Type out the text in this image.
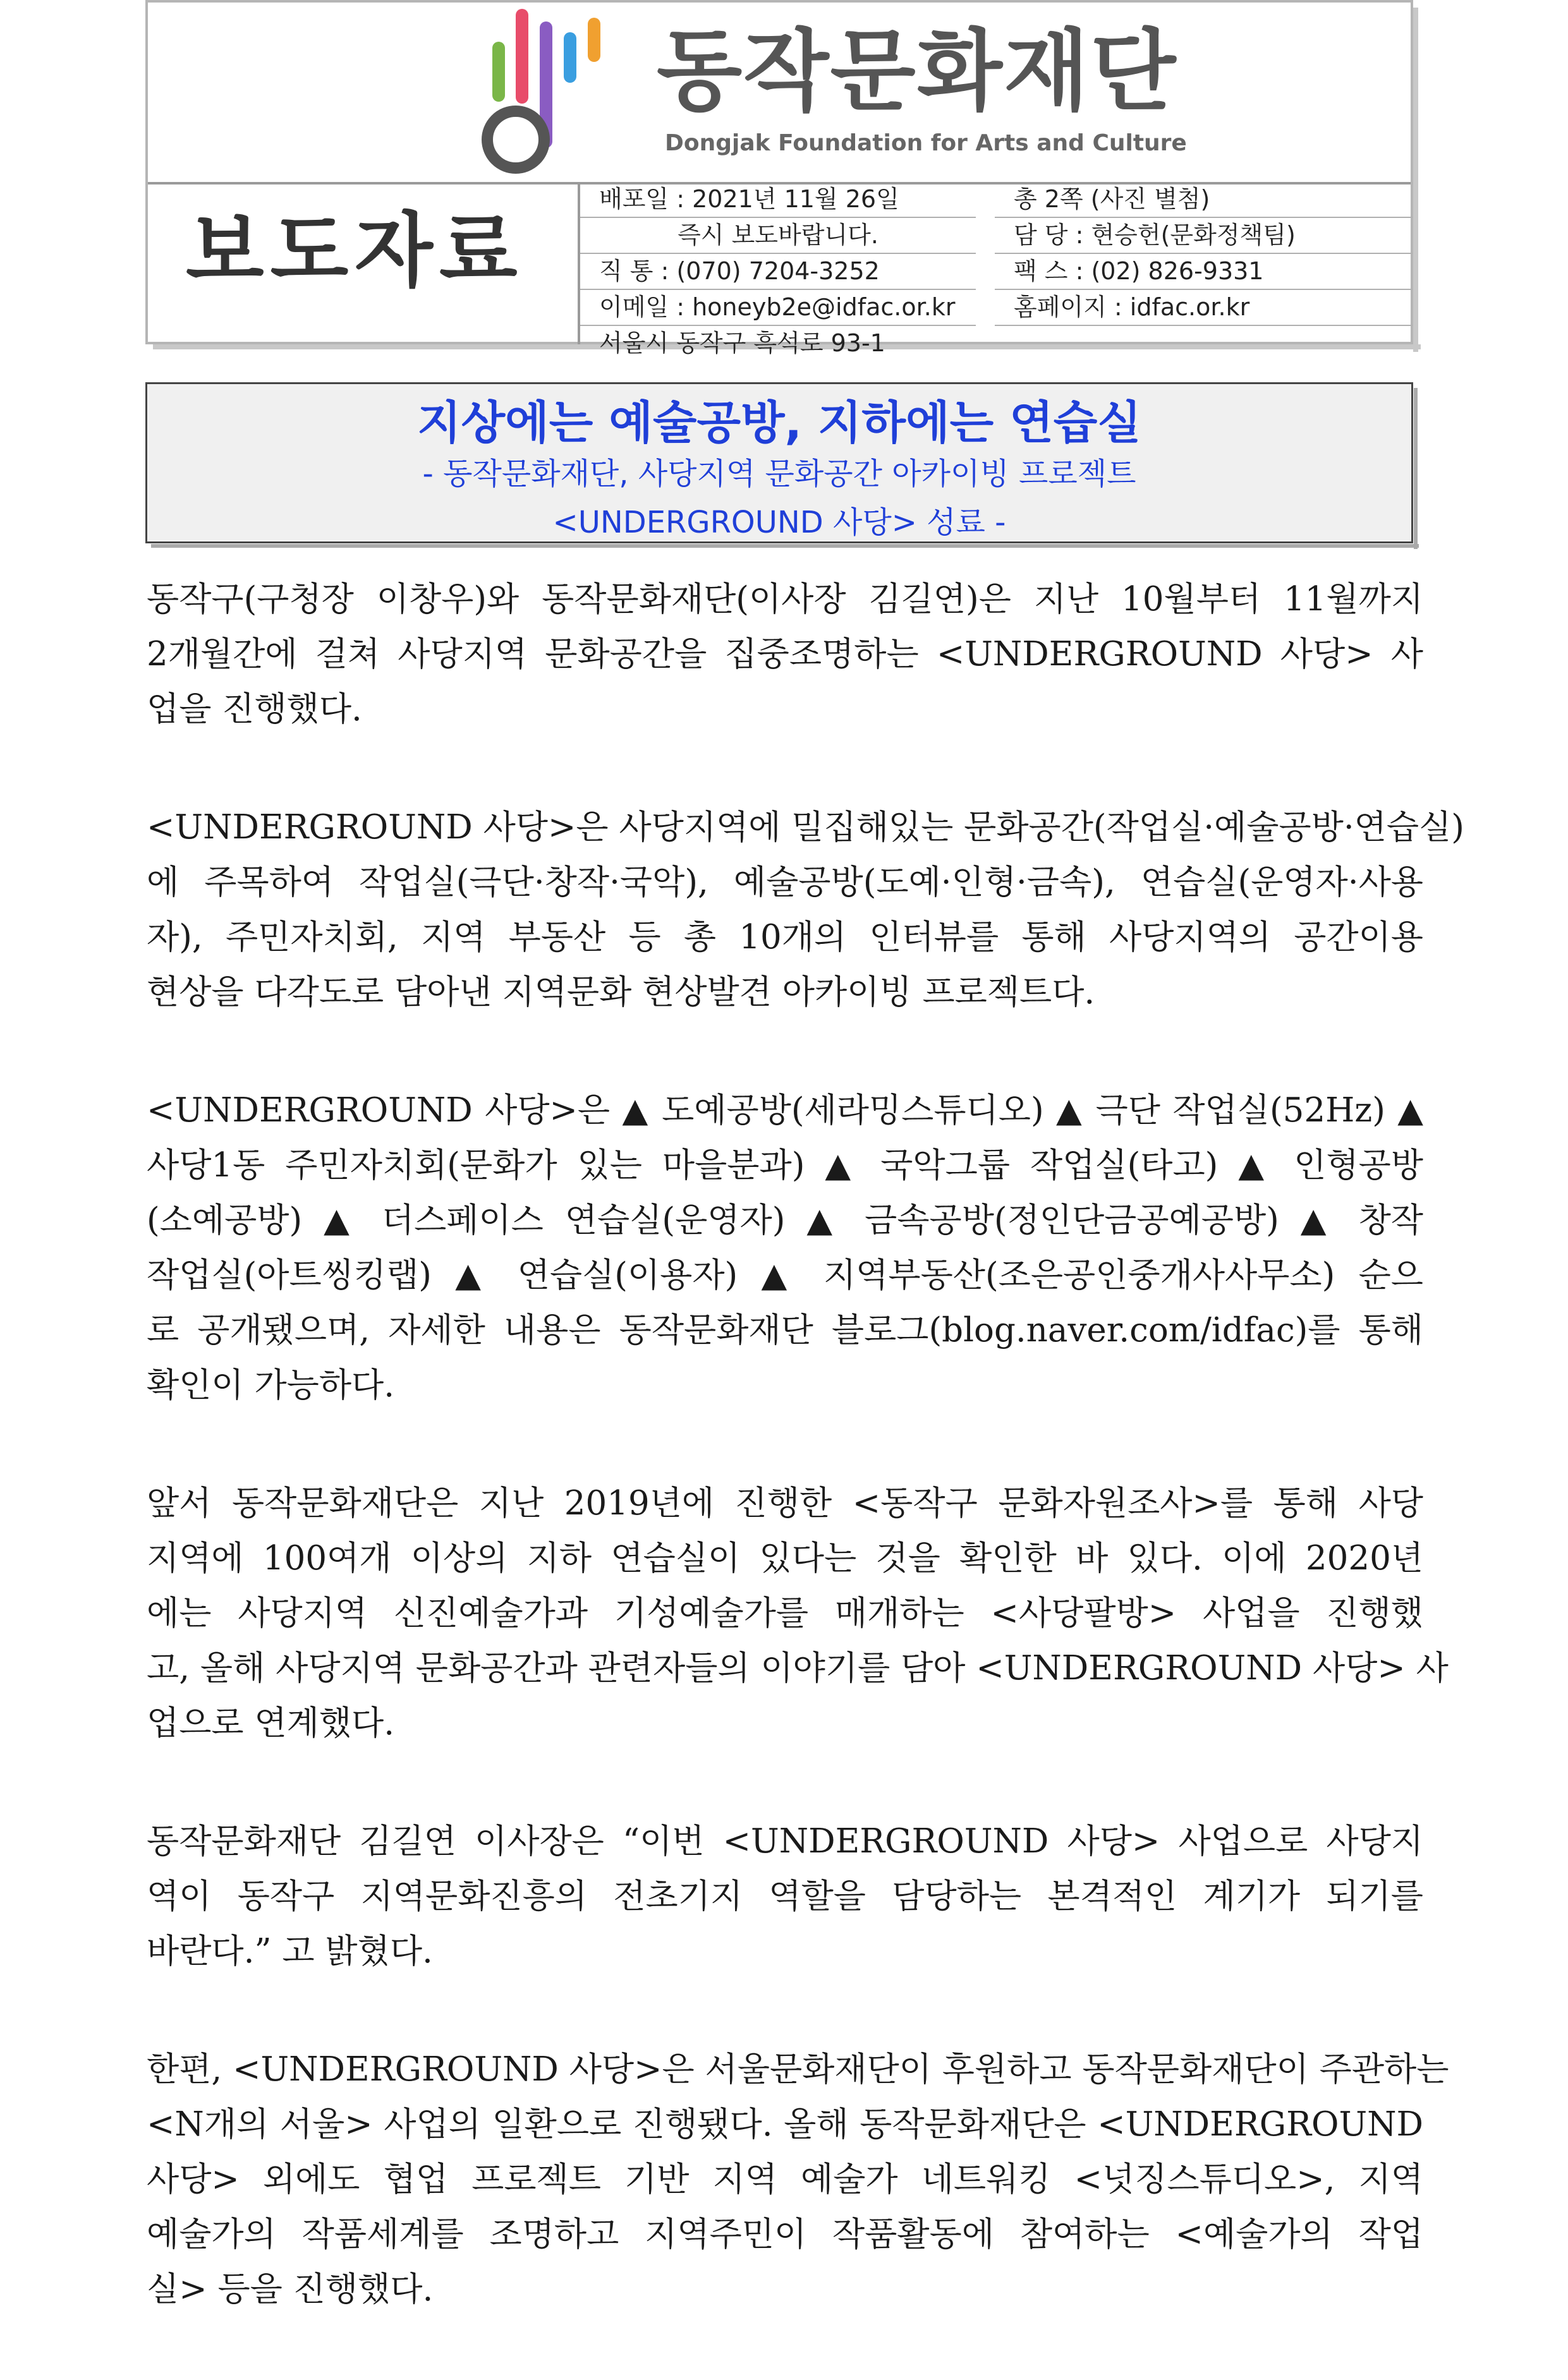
동작문화재단
Dongjak Foundation for Arts and Culture
보도자료
배포일 : 2021년 11월 26일
즉시 보도바랍니다.
직 통 : (070) 7204-3252
이메일 : honeyb2e@idfac.or.kr
서울시 동작구 흑석로 93-1
총 2쪽 (사진 별첨)
담 당 : 현승헌(문화정책팀)
팩 스 : (02) 826-9331
홈페이지 : idfac.or.kr
지상에는 예술공방, 지하에는 연습실
- 동작문화재단, 사당지역 문화공간 아카이빙 프로젝트
<UNDERGROUND 사당> 성료 -
동작구(구청장 이창우)와 동작문화재단(이사장 김길연)은 지난 10월부터 11월까지
2개월간에 걸쳐 사당지역 문화공간을 집중조명하는 <UNDERGROUND 사당> 사
업을 진행했다.
<UNDERGROUND 사당>은 사당지역에 밀집해있는 문화공간(작업실·예술공방·연습실)
에 주목하여 작업실(극단·창작·국악), 예술공방(도예·인형·금속), 연습실(운영자·사용
자), 주민자치회, 지역 부동산 등 총 10개의 인터뷰를 통해 사당지역의 공간이용
현상을 다각도로 담아낸 지역문화 현상발견 아카이빙 프로젝트다.
<UNDERGROUND 사당>은 ▲ 도예공방(세라밍스튜디오) ▲ 극단 작업실(52Hz) ▲
사당1동 주민자치회(문화가 있는 마을분과) ▲ 국악그룹 작업실(타고) ▲ 인형공방
(소예공방) ▲ 더스페이스 연습실(운영자) ▲ 금속공방(정인단금공예공방) ▲ 창작
작업실(아트씽킹랩) ▲ 연습실(이용자) ▲ 지역부동산(조은공인중개사사무소) 순으
로 공개됐으며, 자세한 내용은 동작문화재단 블로그(blog.naver.com/idfac)를 통해
확인이 가능하다.
앞서 동작문화재단은 지난 2019년에 진행한 <동작구 문화자원조사>를 통해 사당
지역에 100여개 이상의 지하 연습실이 있다는 것을 확인한 바 있다. 이에 2020년
에는 사당지역 신진예술가과 기성예술가를 매개하는 <사당팔방> 사업을 진행했
고, 올해 사당지역 문화공간과 관련자들의 이야기를 담아 <UNDERGROUND 사당> 사
업으로 연계했다.
동작문화재단 김길연 이사장은 “이번 <UNDERGROUND 사당> 사업으로 사당지
역이 동작구 지역문화진흥의 전초기지 역할을 담당하는 본격적인 계기가 되기를
바란다.” 고 밝혔다.
한편, <UNDERGROUND 사당>은 서울문화재단이 후원하고 동작문화재단이 주관하는
<N개의 서울> 사업의 일환으로 진행됐다. 올해 동작문화재단은 <UNDERGROUND
사당> 외에도 협업 프로젝트 기반 지역 예술가 네트워킹 <넛징스튜디오>, 지역
예술가의 작품세계를 조명하고 지역주민이 작품활동에 참여하는 <예술가의 작업
실> 등을 진행했다.
